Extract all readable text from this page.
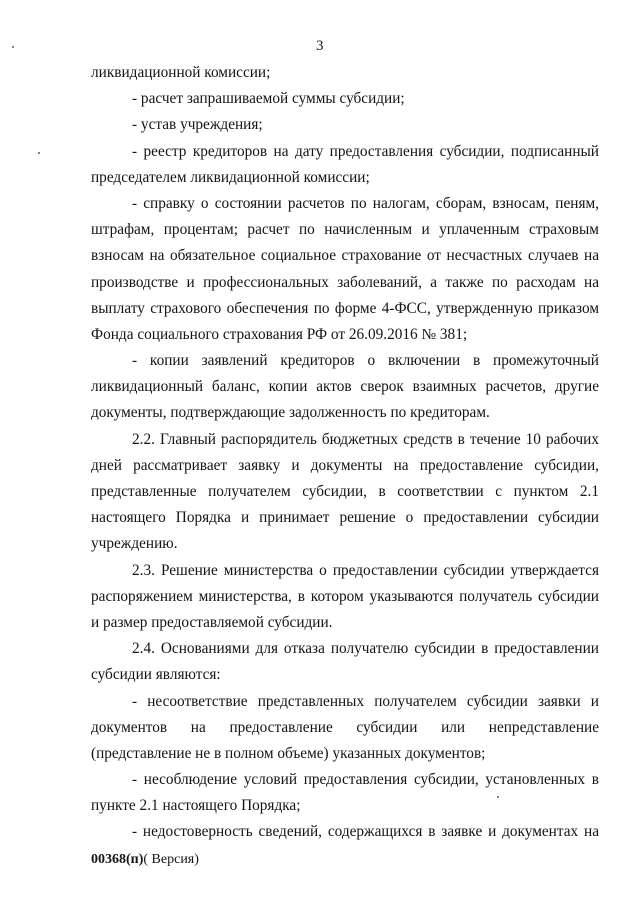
3
ликвидационной комиссии;
- расчет запрашиваемой суммы субсидии;
- устав учреждения;
- реестр кредиторов на дату предоставления субсидии, подписанный
председателем ликвидационной комиссии;
- справку о состоянии расчетов по налогам, сборам, взносам, пеням,
штрафам, процентам; расчет по начисленным и уплаченным страховым
взносам на обязательное социальное страхование от несчастных случаев на
производстве и профессиональных заболеваний, а также по расходам на
выплату страхового обеспечения по форме 4-ФСС, утвержденную приказом
Фонда социального страхования РФ от 26.09.2016 № 381;
- копии заявлений кредиторов о включении в промежуточный
ликвидационный баланс, копии актов сверок взаимных расчетов, другие
документы, подтверждающие задолженность по кредиторам.
2.2. Главный распорядитель бюджетных средств в течение 10 рабочих
дней рассматривает заявку и документы на предоставление субсидии,
представленные получателем субсидии, в соответствии с пунктом 2.1
настоящего Порядка и принимает решение о предоставлении субсидии
учреждению.
2.3. Решение министерства о предоставлении субсидии утверждается
распоряжением министерства, в котором указываются получатель субсидии
и размер предоставляемой субсидии.
2.4. Основаниями для отказа получателю субсидии в предоставлении
субсидии являются:
- несоответствие представленных получателем субсидии заявки и
документов на предоставление субсидии или непредставление
(представление не в полном объеме) указанных документов;
- несоблюдение условий предоставления субсидии, установленных в
пункте 2.1 настоящего Порядка;
- недостоверность сведений, содержащихся в заявке и документах на
00368(п)( Версия)
